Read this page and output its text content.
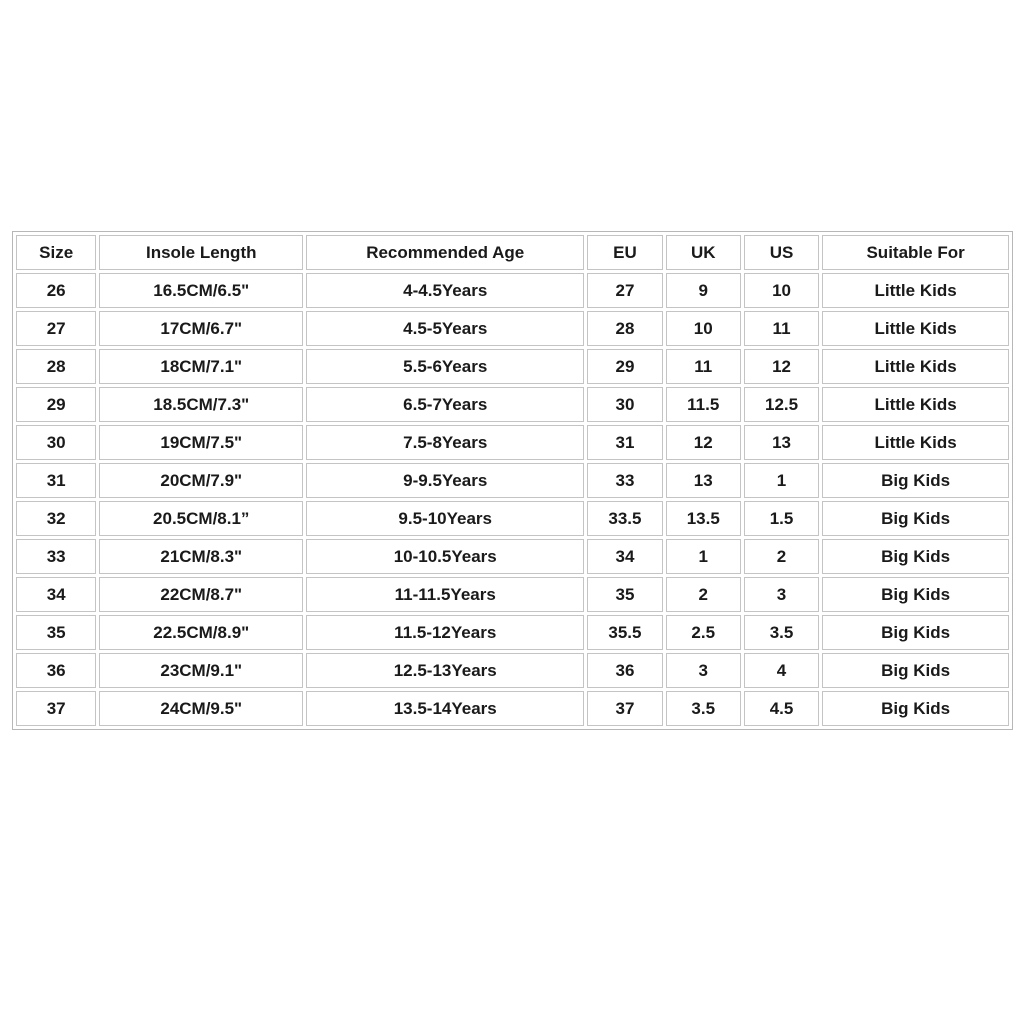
Size	Insole Length	Recommended Age	EU	UK	US	Suitable For
26	16.5CM/6.5"	4-4.5Years	27	9	10	Little Kids
27	17CM/6.7"	4.5-5Years	28	10	11	Little Kids
28	18CM/7.1"	5.5-6Years	29	11	12	Little Kids
29	18.5CM/7.3"	6.5-7Years	30	11.5	12.5	Little Kids
30	19CM/7.5"	7.5-8Years	31	12	13	Little Kids
31	20CM/7.9"	9-9.5Years	33	13	1	Big Kids
32	20.5CM/8.1”	9.5-10Years	33.5	13.5	1.5	Big Kids
33	21CM/8.3"	10-10.5Years	34	1	2	Big Kids
34	22CM/8.7"	11-11.5Years	35	2	3	Big Kids
35	22.5CM/8.9"	11.5-12Years	35.5	2.5	3.5	Big Kids
36	23CM/9.1"	12.5-13Years	36	3	4	Big Kids
37	24CM/9.5"	13.5-14Years	37	3.5	4.5	Big Kids
